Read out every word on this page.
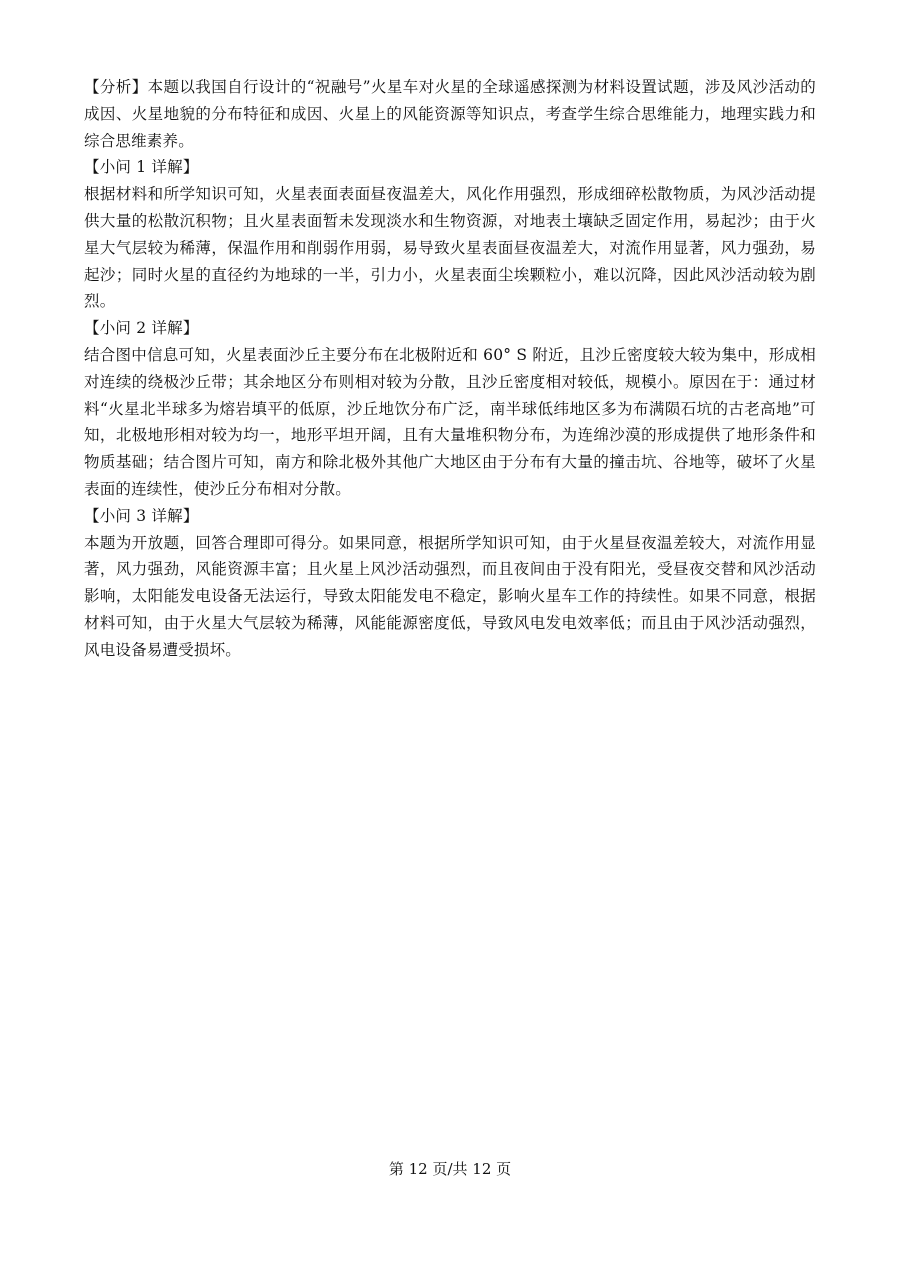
【分析】本题以我国自行设计的“祝融号”火星车对火星的全球遥感探测为材料设置试题，涉及风沙活动的成因、火星地貌的分布特征和成因、火星上的风能资源等知识点，考查学生综合思维能力，地理实践力和综合思维素养。

【小问 1 详解】

根据材料和所学知识可知，火星表面表面昼夜温差大，风化作用强烈，形成细碎松散物质，为风沙活动提供大量的松散沉积物；且火星表面暂未发现淡水和生物资源，对地表土壤缺乏固定作用，易起沙；由于火星大气层较为稀薄，保温作用和削弱作用弱，易导致火星表面昼夜温差大，对流作用显著，风力强劲，易起沙；同时火星的直径约为地球的一半，引力小，火星表面尘埃颗粒小，难以沉降，因此风沙活动较为剧烈。

【小问 2 详解】

结合图中信息可知，火星表面沙丘主要分布在北极附近和 60° S 附近，且沙丘密度较大较为集中，形成相对连续的绕极沙丘带；其余地区分布则相对较为分散，且沙丘密度相对较低，规模小。原因在于：通过材料“火星北半球多为熔岩填平的低原，沙丘地饮分布广泛，南半球低纬地区多为布满陨石坑的古老高地”可知，北极地形相对较为均一，地形平坦开阔，且有大量堆积物分布，为连绵沙漠的形成提供了地形条件和物质基础；结合图片可知，南方和除北极外其他广大地区由于分布有大量的撞击坑、谷地等，破坏了火星表面的连续性，使沙丘分布相对分散。

【小问 3 详解】

本题为开放题，回答合理即可得分。如果同意，根据所学知识可知，由于火星昼夜温差较大，对流作用显著，风力强劲，风能资源丰富；且火星上风沙活动强烈，而且夜间由于没有阳光，受昼夜交替和风沙活动影响，太阳能发电设备无法运行，导致太阳能发电不稳定，影响火星车工作的持续性。如果不同意，根据材料可知，由于火星大气层较为稀薄，风能能源密度低，导致风电发电效率低；而且由于风沙活动强烈，风电设备易遭受损坏。

第 12 页/共 12 页
